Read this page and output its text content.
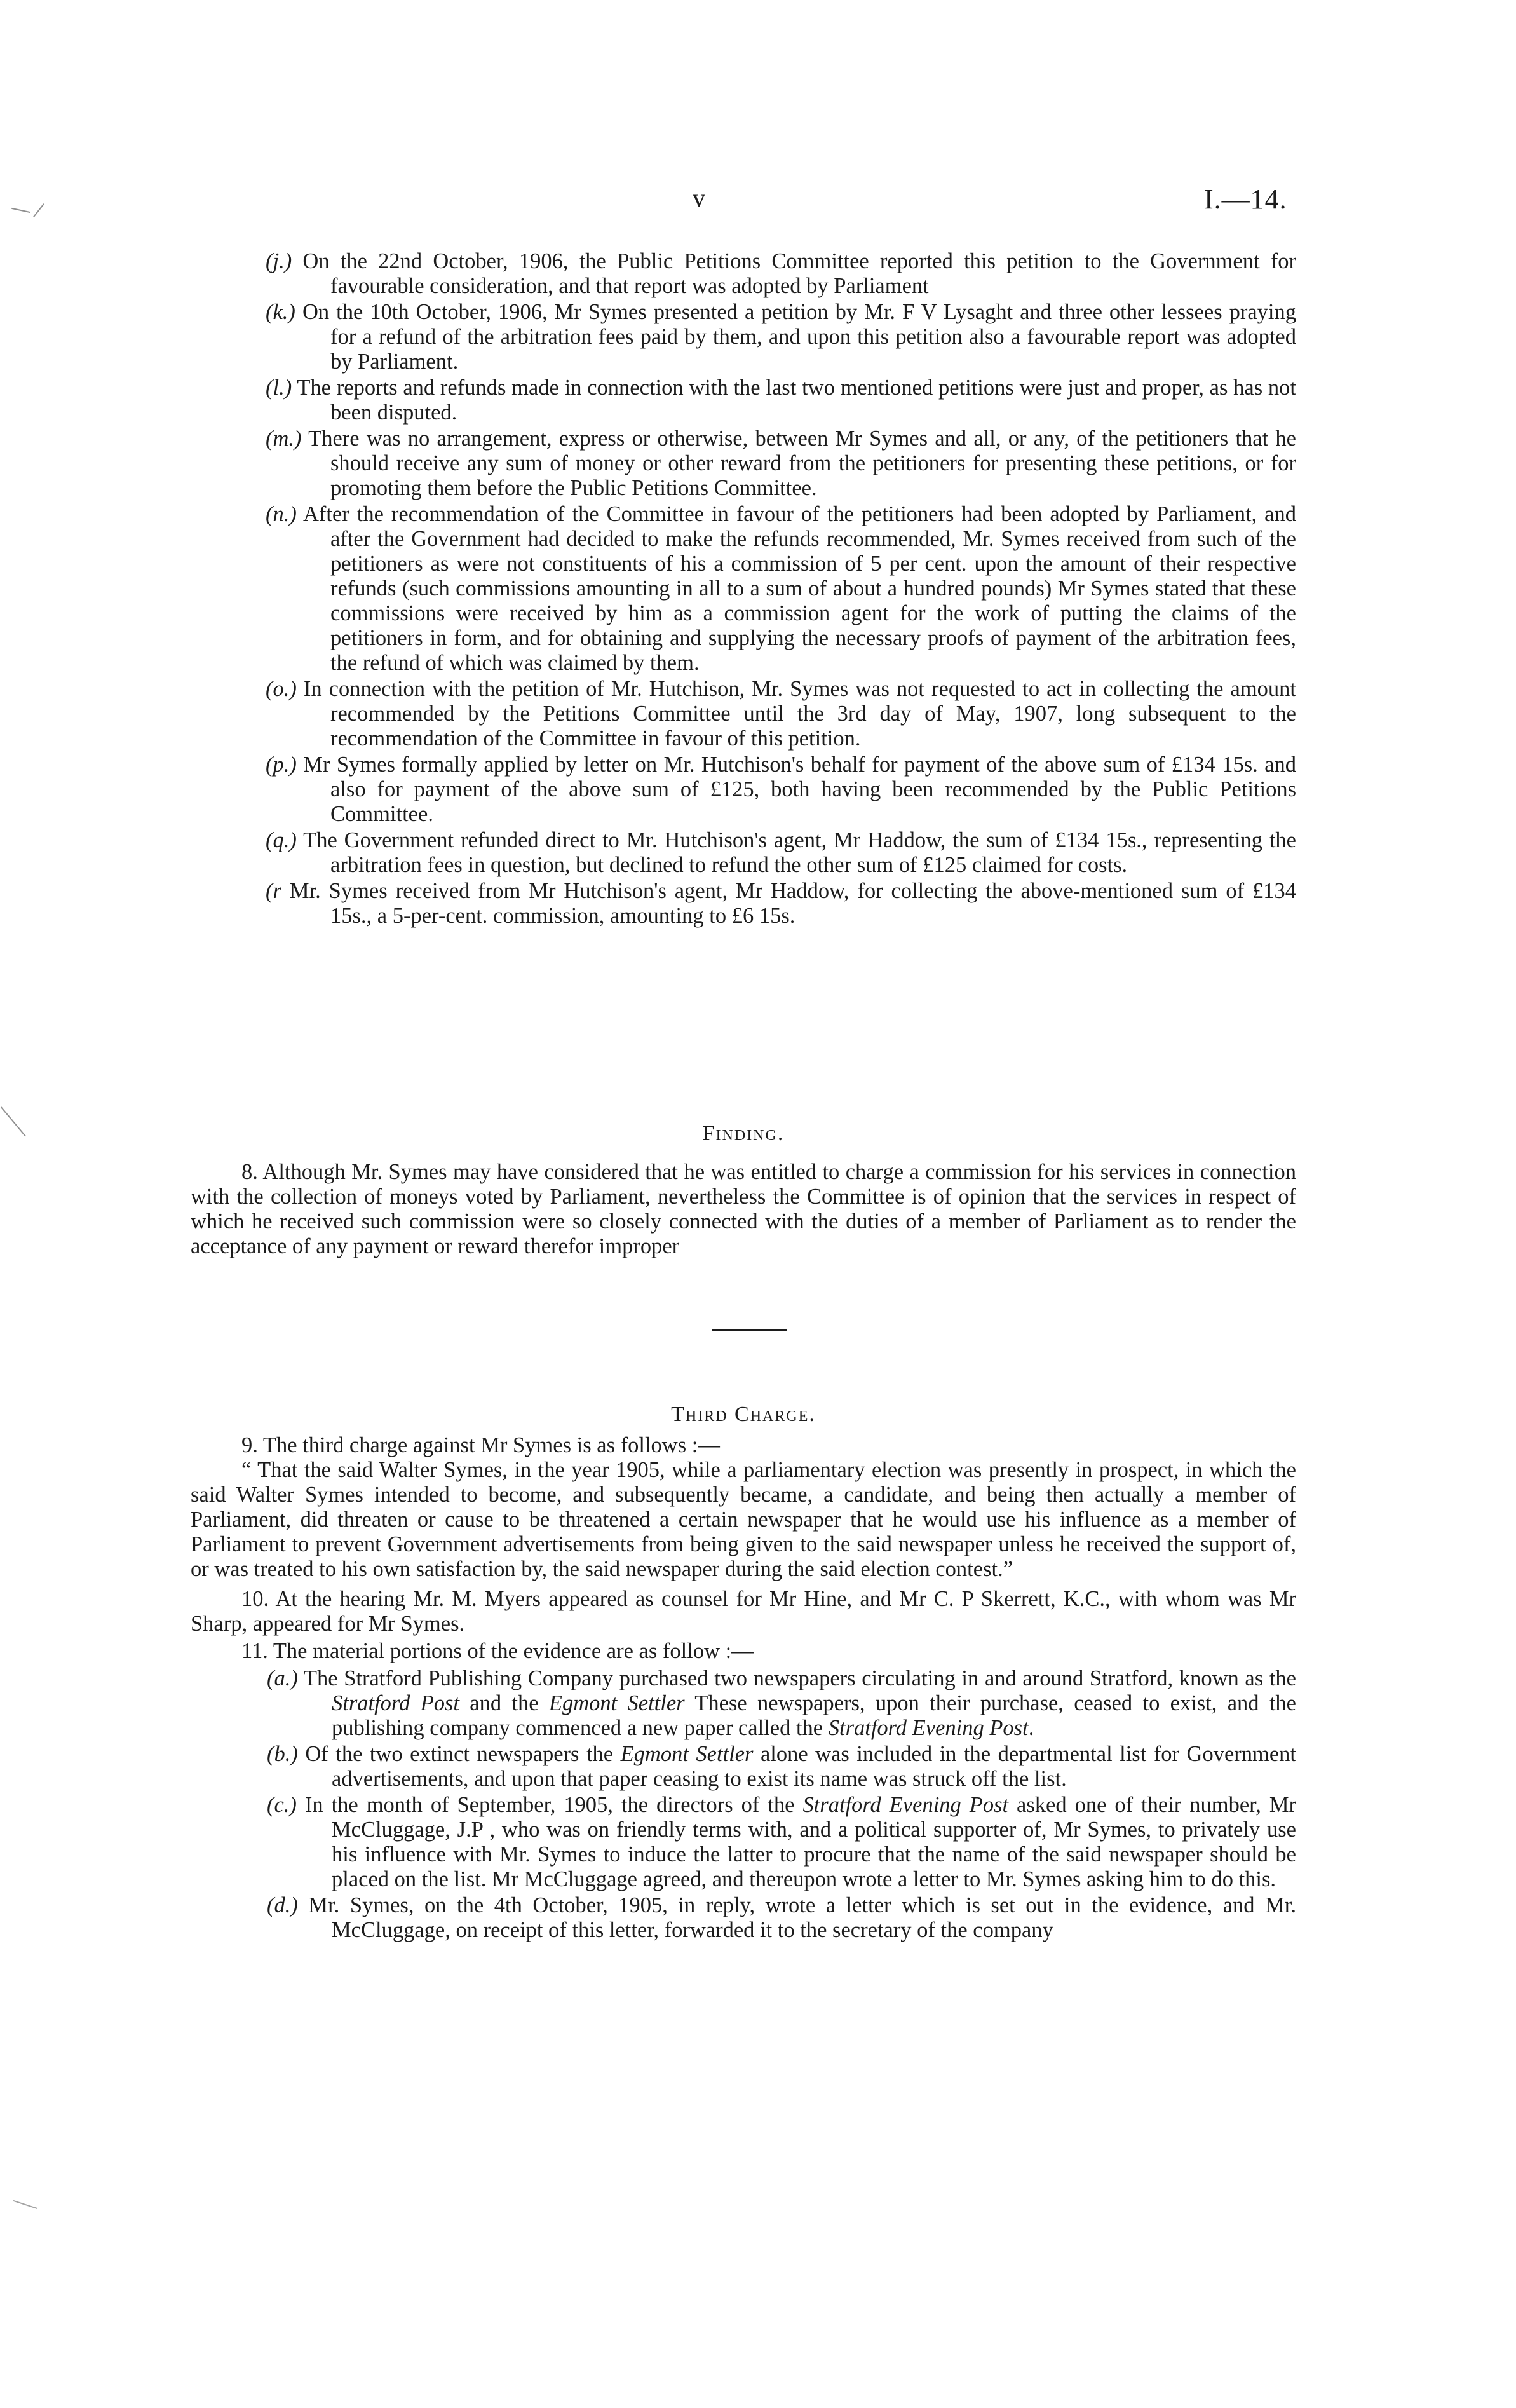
v	I.—14.
(j.) On the 22nd October, 1906, the Public Petitions Committee reported this petition to the Government for favourable consideration, and that report was adopted by Parliament
(k.) On the 10th October, 1906, Mr Symes presented a petition by Mr. F V Lysaght and three other lessees praying for a refund of the arbitration fees paid by them, and upon this petition also a favourable report was adopted by Parliament.
(l.) The reports and refunds made in connection with the last two mentioned petitions were just and proper, as has not been disputed.
(m.) There was no arrangement, express or otherwise, between Mr Symes and all, or any, of the petitioners that he should receive any sum of money or other reward from the petitioners for presenting these petitions, or for promoting them before the Public Petitions Committee.
(n.) After the recommendation of the Committee in favour of the petitioners had been adopted by Parliament, and after the Government had decided to make the refunds recommended, Mr. Symes received from such of the petitioners as were not constituents of his a commission of 5 per cent. upon the amount of their respective refunds (such commissions amounting in all to a sum of about a hundred pounds) Mr Symes stated that these commissions were received by him as a commission agent for the work of putting the claims of the petitioners in form, and for obtaining and supplying the necessary proofs of payment of the arbitration fees, the refund of which was claimed by them.
(o.) In connection with the petition of Mr. Hutchison, Mr. Symes was not requested to act in collecting the amount recommended by the Petitions Committee until the 3rd day of May, 1907, long subsequent to the recommendation of the Committee in favour of this petition.
(p.) Mr Symes formally applied by letter on Mr. Hutchison's behalf for payment of the above sum of £134 15s. and also for payment of the above sum of £125, both having been recommended by the Public Petitions Committee.
(q.) The Government refunded direct to Mr. Hutchison's agent, Mr Haddow, the sum of £134 15s., representing the arbitration fees in question, but declined to refund the other sum of £125 claimed for costs.
(r Mr. Symes received from Mr Hutchison's agent, Mr Haddow, for collecting the above-mentioned sum of £134 15s., a 5-per-cent. commission, amounting to £6 15s.

Finding.

8. Although Mr. Symes may have considered that he was entitled to charge a commission for his services in connection with the collection of moneys voted by Parliament, nevertheless the Committee is of opinion that the services in respect of which he received such commission were so closely connected with the duties of a member of Parliament as to render the acceptance of any payment or reward therefor improper

Third Charge.

9. The third charge against Mr Symes is as follows :—

“ That the said Walter Symes, in the year 1905, while a parliamentary election was presently in prospect, in which the said Walter Symes intended to become, and subsequently became, a candidate, and being then actually a member of Parliament, did threaten or cause to be threatened a certain newspaper that he would use his influence as a member of Parliament to prevent Government advertisements from being given to the said newspaper unless he received the support of, or was treated to his own satisfaction by, the said newspaper during the said election contest.”

10. At the hearing Mr. M. Myers appeared as counsel for Mr Hine, and Mr C. P Skerrett, K.C., with whom was Mr Sharp, appeared for Mr Symes.

11. The material portions of the evidence are as follow :—

(a.) The Stratford Publishing Company purchased two newspapers circulating in and around Stratford, known as the Stratford Post and the Egmont Settler These newspapers, upon their purchase, ceased to exist, and the publishing company commenced a new paper called the Stratford Evening Post.
(b.) Of the two extinct newspapers the Egmont Settler alone was included in the departmental list for Government advertisements, and upon that paper ceasing to exist its name was struck off the list.
(c.) In the month of September, 1905, the directors of the Stratford Evening Post asked one of their number, Mr McCluggage, J.P , who was on friendly terms with, and a political supporter of, Mr Symes, to privately use his influence with Mr. Symes to induce the latter to procure that the name of the said newspaper should be placed on the list. Mr McCluggage agreed, and thereupon wrote a letter to Mr. Symes asking him to do this.
(d.) Mr. Symes, on the 4th October, 1905, in reply, wrote a letter which is set out in the evidence, and Mr. McCluggage, on receipt of this letter, forwarded it to the secretary of the company
